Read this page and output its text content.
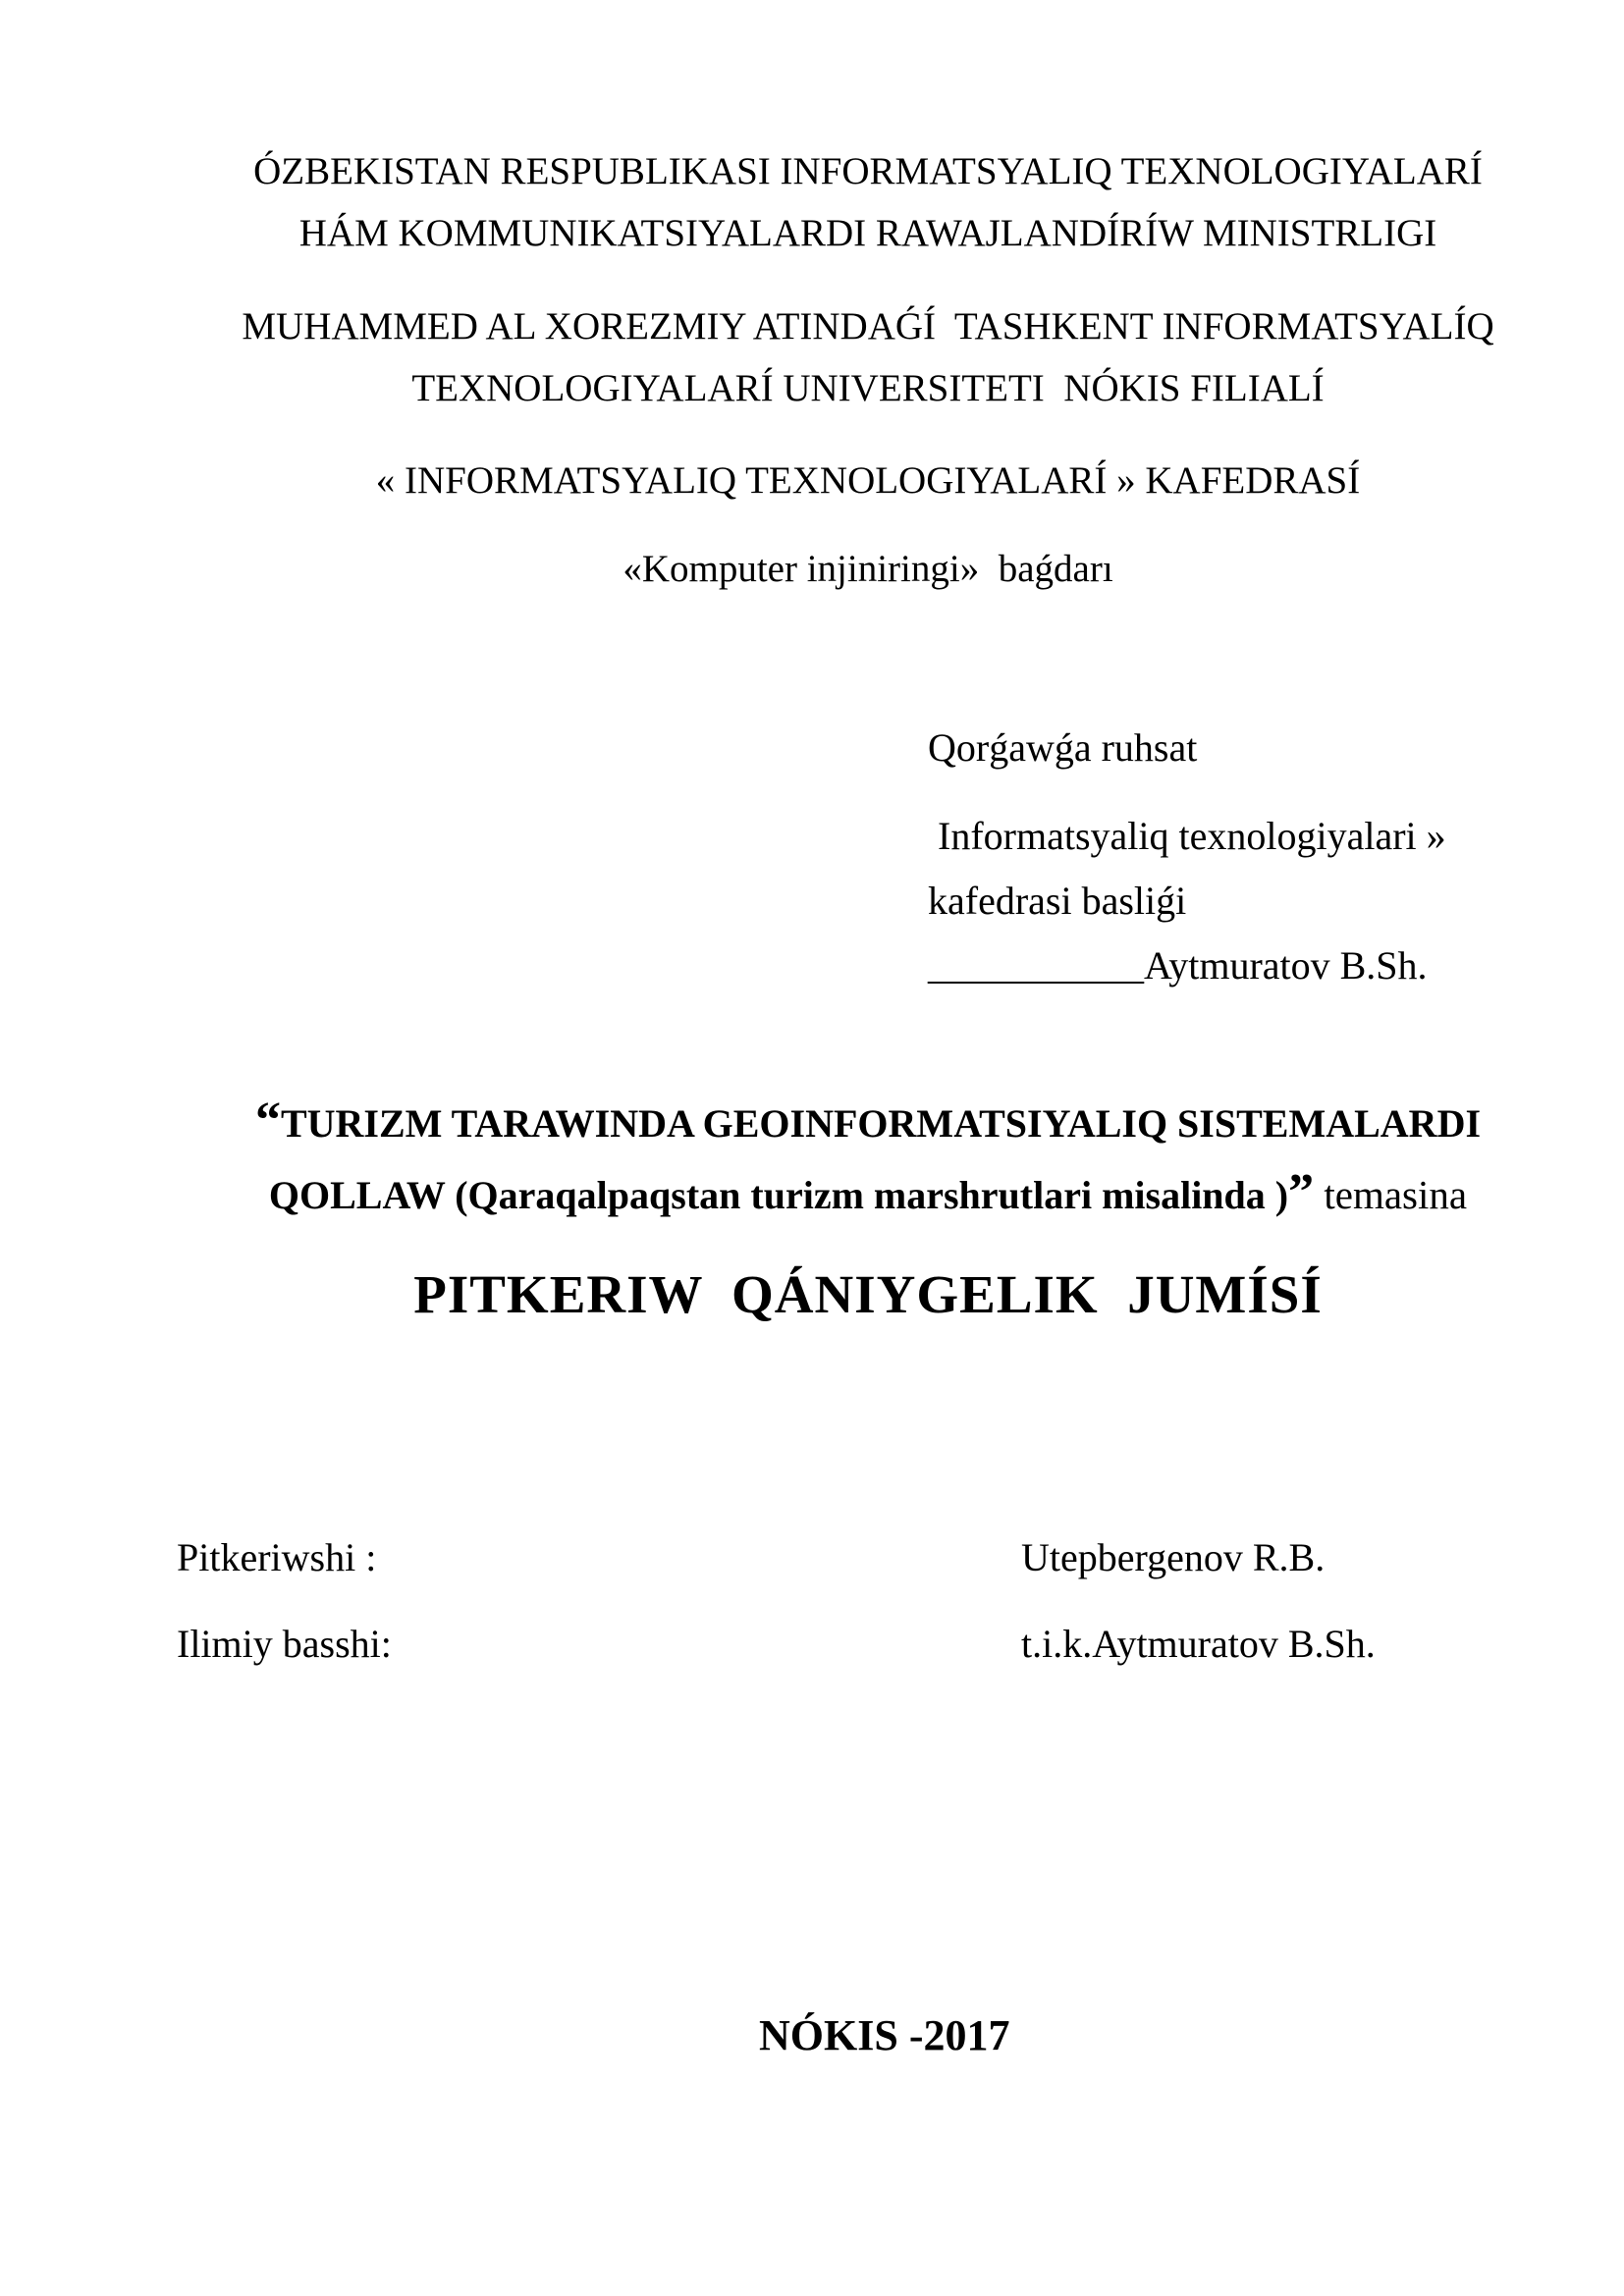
ÓZBEKISTAN RESPUBLIKASI INFORMATSYALIQ TEXNOLOGIYALARÍ
HÁM KOMMUNIKATSIYALARDI RAWAJLANDÍRÍW MINISTRLIGI

MUHAMMED AL XOREZMIY ATINDAǴÍ  TASHKENT INFORMATSYALÍQ
TEXNOLOGIYALARÍ UNIVERSITETI  NÓKIS FILIALÍ

« INFORMATSYALIQ TEXNOLOGIYALARÍ » KAFEDRASÍ

«Komputer injiniringi»  baǵdarı

Qorǵawǵa ruhsat

Informatsyaliq texnologiyalari »

kafedrasi basliǵi

___________Aytmuratov B.Sh.

“TURIZM TARAWINDA GEOINFORMATSIYALIQ SISTEMALARDI

QOLLAW (Qaraqalpaqstan turizm marshrutlari misalinda )” temasina

PITKERIW  QÁNIYGELIK  JUMÍSÍ

Pitkeriwshi :	Utepbergenov R.B.

Ilimiy basshi:	t.i.k.Aytmuratov B.Sh.

NÓKIS -2017
